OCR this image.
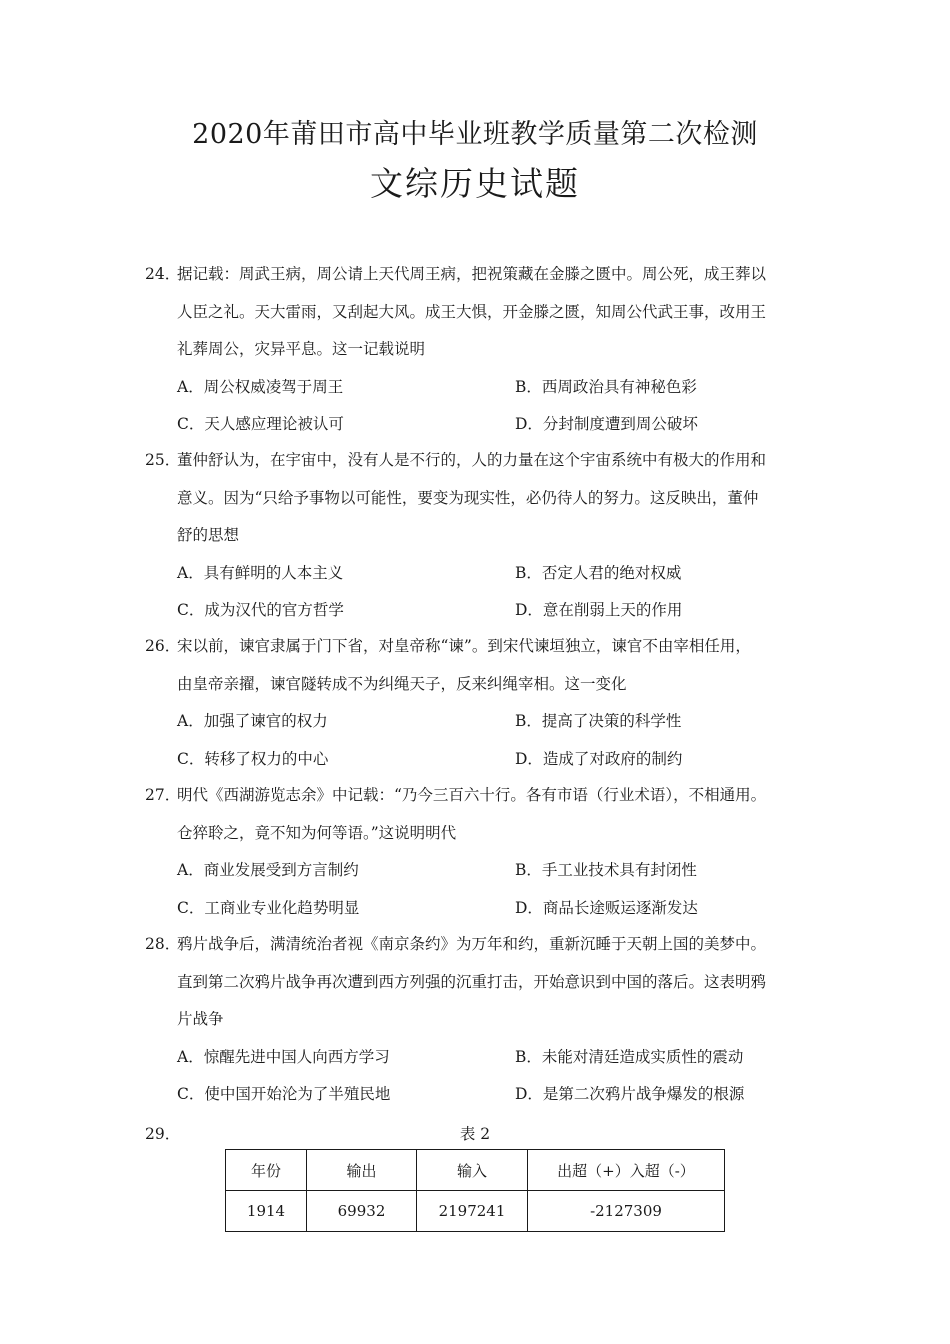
2020年莆田市高中毕业班教学质量第二次检测
文综历史试题
24．
据记载：周武王病，周公请上天代周王病，把祝策藏在金滕之匮中。周公死，成王葬以
人臣之礼。天大雷雨，又刮起大风。成王大惧，开金滕之匮，知周公代武王事，改用王
礼葬周公，灾异平息。这一记载说明
A．周公权威凌驾于周王	B．西周政治具有神秘色彩
C．天人感应理论被认可	D．分封制度遭到周公破坏
25．
董仲舒认为，在宇宙中，没有人是不行的，人的力量在这个宇宙系统中有极大的作用和
意义。因为“只给予事物以可能性，要变为现实性，必仍待人的努力。这反映出，董仲
舒的思想
A．具有鲜明的人本主义	B．否定人君的绝对权威
C．成为汉代的官方哲学	D．意在削弱上天的作用
26．
宋以前，谏官隶属于门下省，对皇帝称“谏”。到宋代谏垣独立，谏官不由宰相任用，
由皇帝亲擢，谏官隧转成不为纠绳天子，反来纠绳宰相。这一变化
A．加强了谏官的权力	B．提高了决策的科学性
C．转移了权力的中心	D．造成了对政府的制约
27．
明代《西湖游览志余》中记载：“乃今三百六十行。各有市语（行业术语），不相通用。
仓猝聆之，竟不知为何等语。”这说明明代
A．商业发展受到方言制约	B．手工业技术具有封闭性
C．工商业专业化趋势明显	D．商品长途贩运逐渐发达
28．
鸦片战争后，满清统治者视《南京条约》为万年和约，重新沉睡于天朝上国的美梦中。
直到第二次鸦片战争再次遭到西方列强的沉重打击，开始意识到中国的落后。这表明鸦
片战争
A．惊醒先进中国人向西方学习	B．未能对清廷造成实质性的震动
C．使中国开始沦为了半殖民地	D．是第二次鸦片战争爆发的根源
29．	表 2
年份	输出	输入	出超（+）入超（-）
1914	69932	2197241	-2127309
